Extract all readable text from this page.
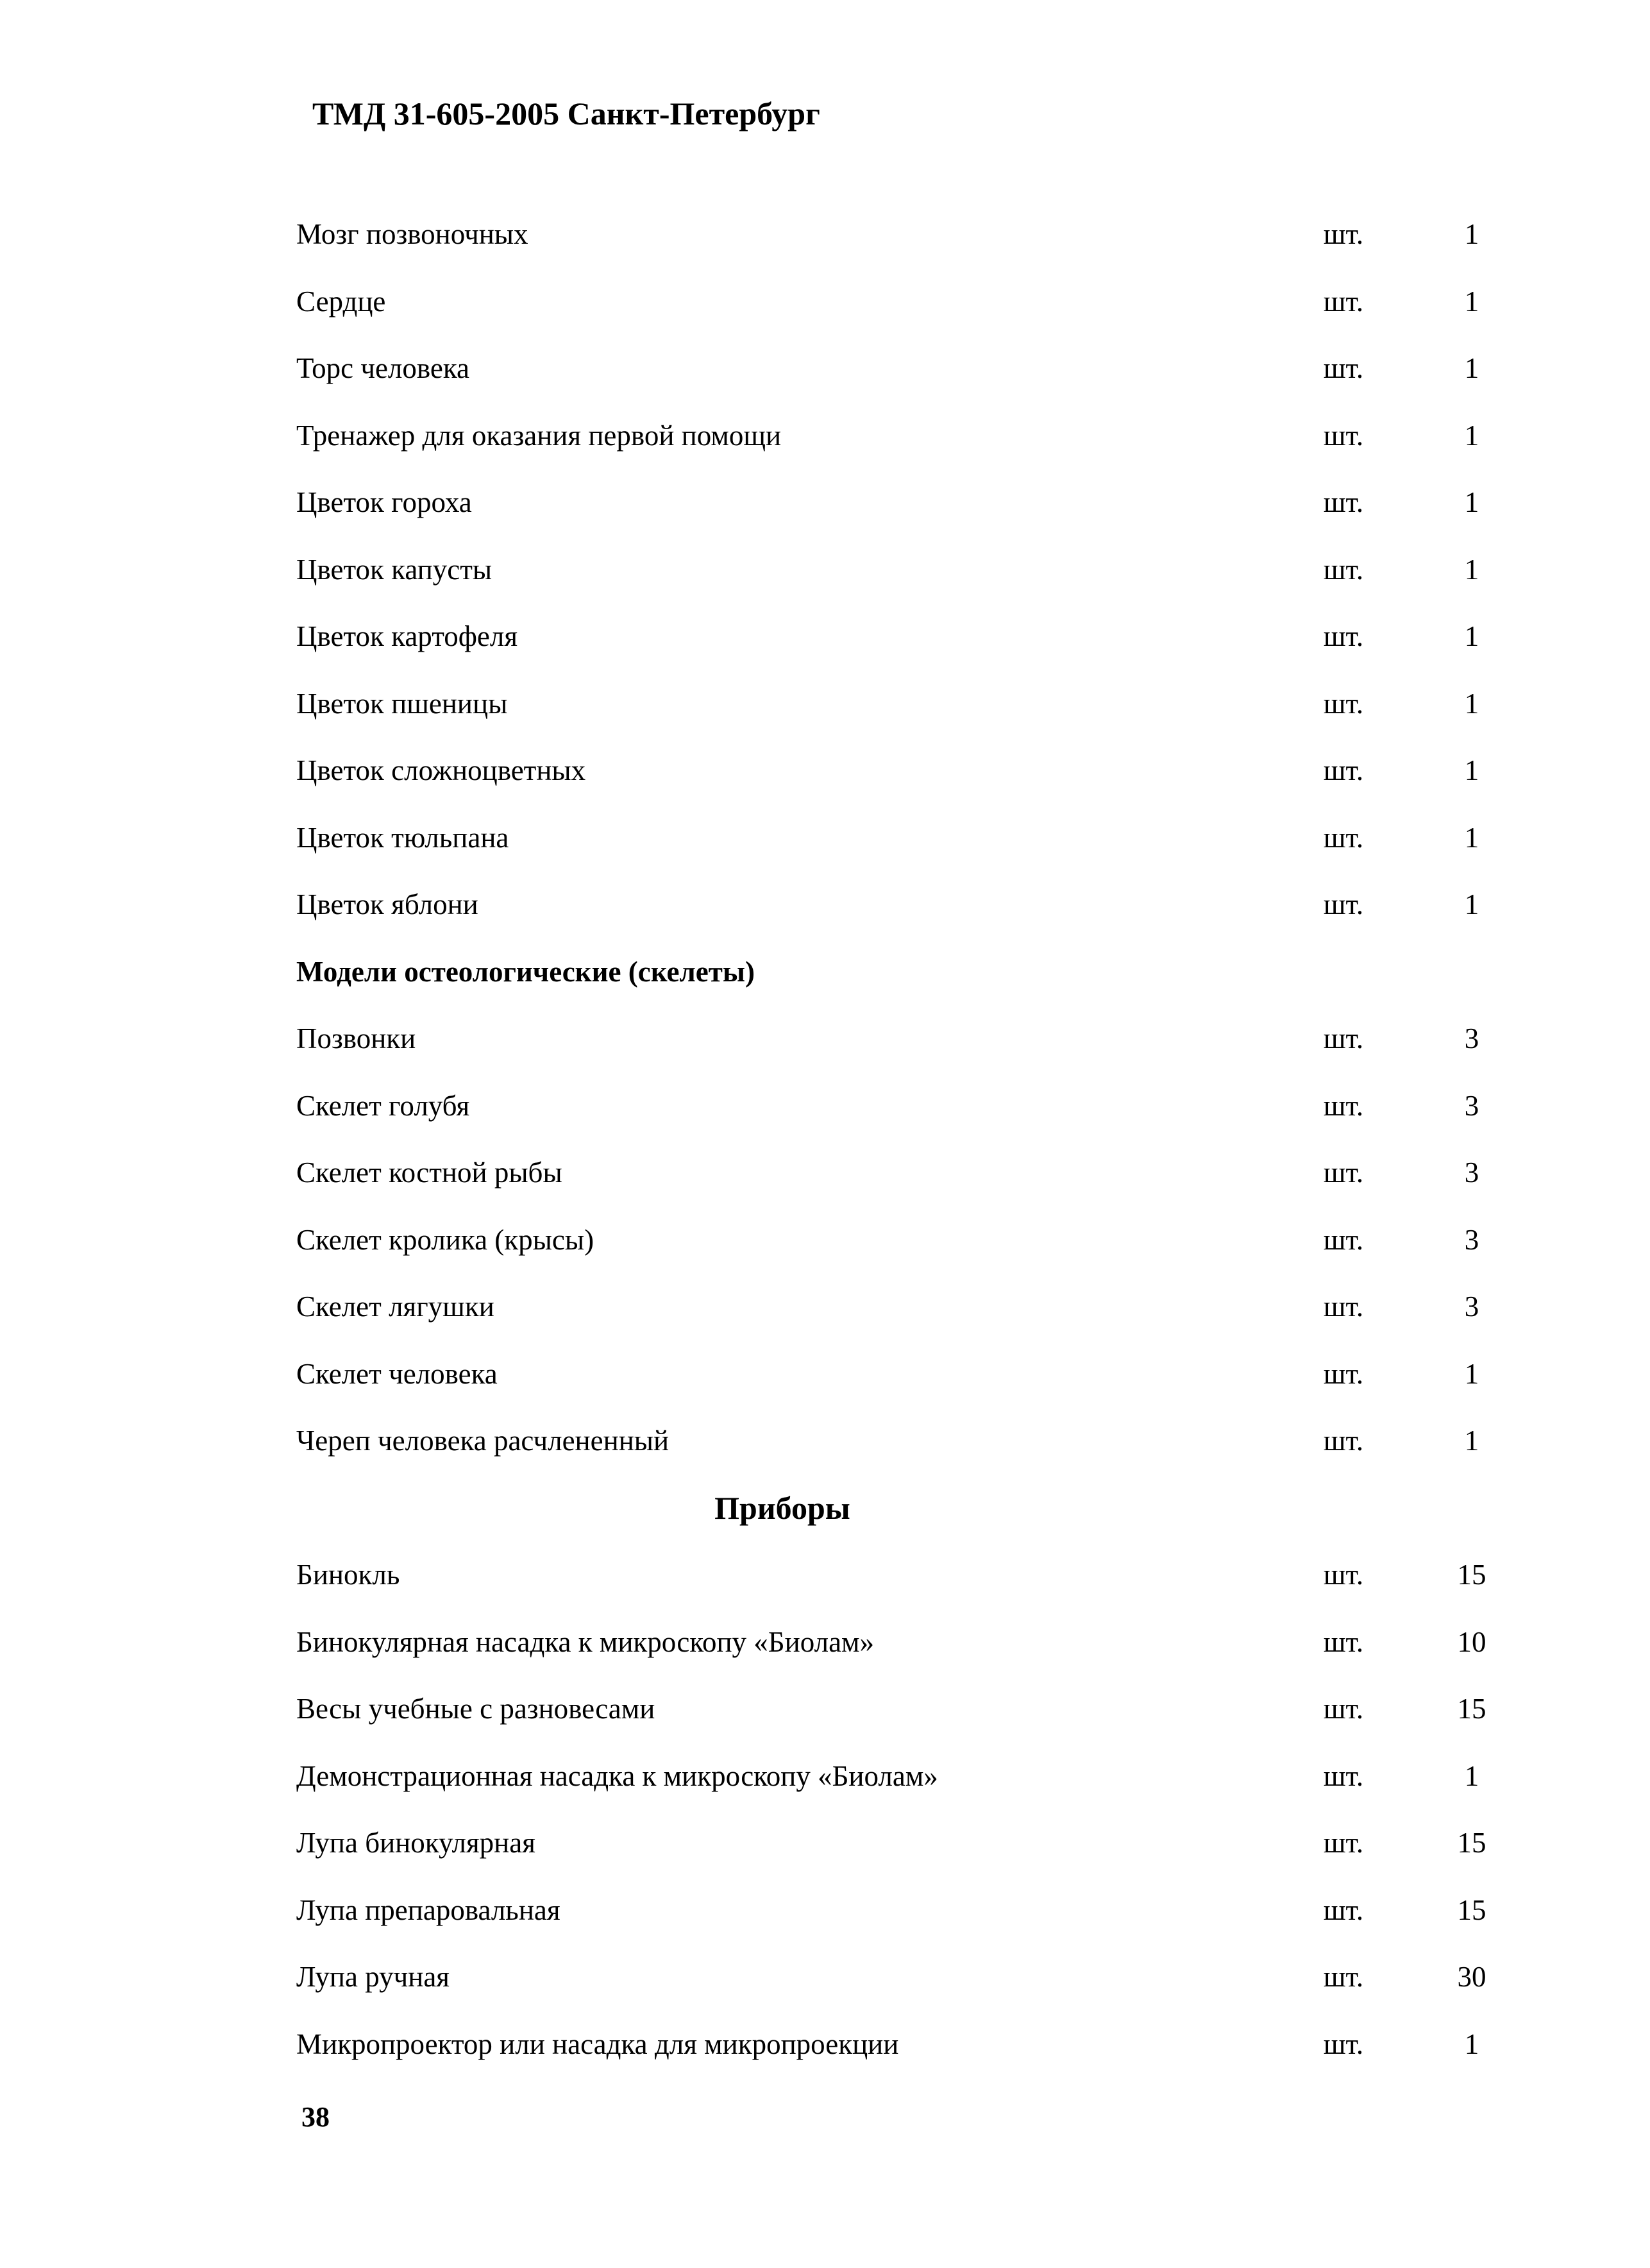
ТМД 31-605-2005 Санкт-Петербург
Мозг позвоночных	шт.	1
Сердце	шт.	1
Торс человека	шт.	1
Тренажер для оказания первой помощи	шт.	1
Цветок гороха	шт.	1
Цветок капусты	шт.	1
Цветок картофеля	шт.	1
Цветок пшеницы	шт.	1
Цветок сложноцветных	шт.	1
Цветок тюльпана	шт.	1
Цветок яблони	шт.	1
Модели остеологические (скелеты)
Позвонки	шт.	3
Скелет голубя	шт.	3
Скелет костной рыбы	шт.	3
Скелет кролика (крысы)	шт.	3
Скелет лягушки	шт.	3
Скелет человека	шт.	1
Череп человека расчлененный	шт.	1
Приборы
Бинокль	шт.	15
Бинокулярная насадка к микроскопу «Биолам»	шт.	10
Весы учебные с разновесами	шт.	15
Демонстрационная насадка к микроскопу «Биолам»	шт.	1
Лупа бинокулярная	шт.	15
Лупа препаровальная	шт.	15
Лупа ручная	шт.	30
Микропроектор или насадка для микропроекции	шт.	1
38
